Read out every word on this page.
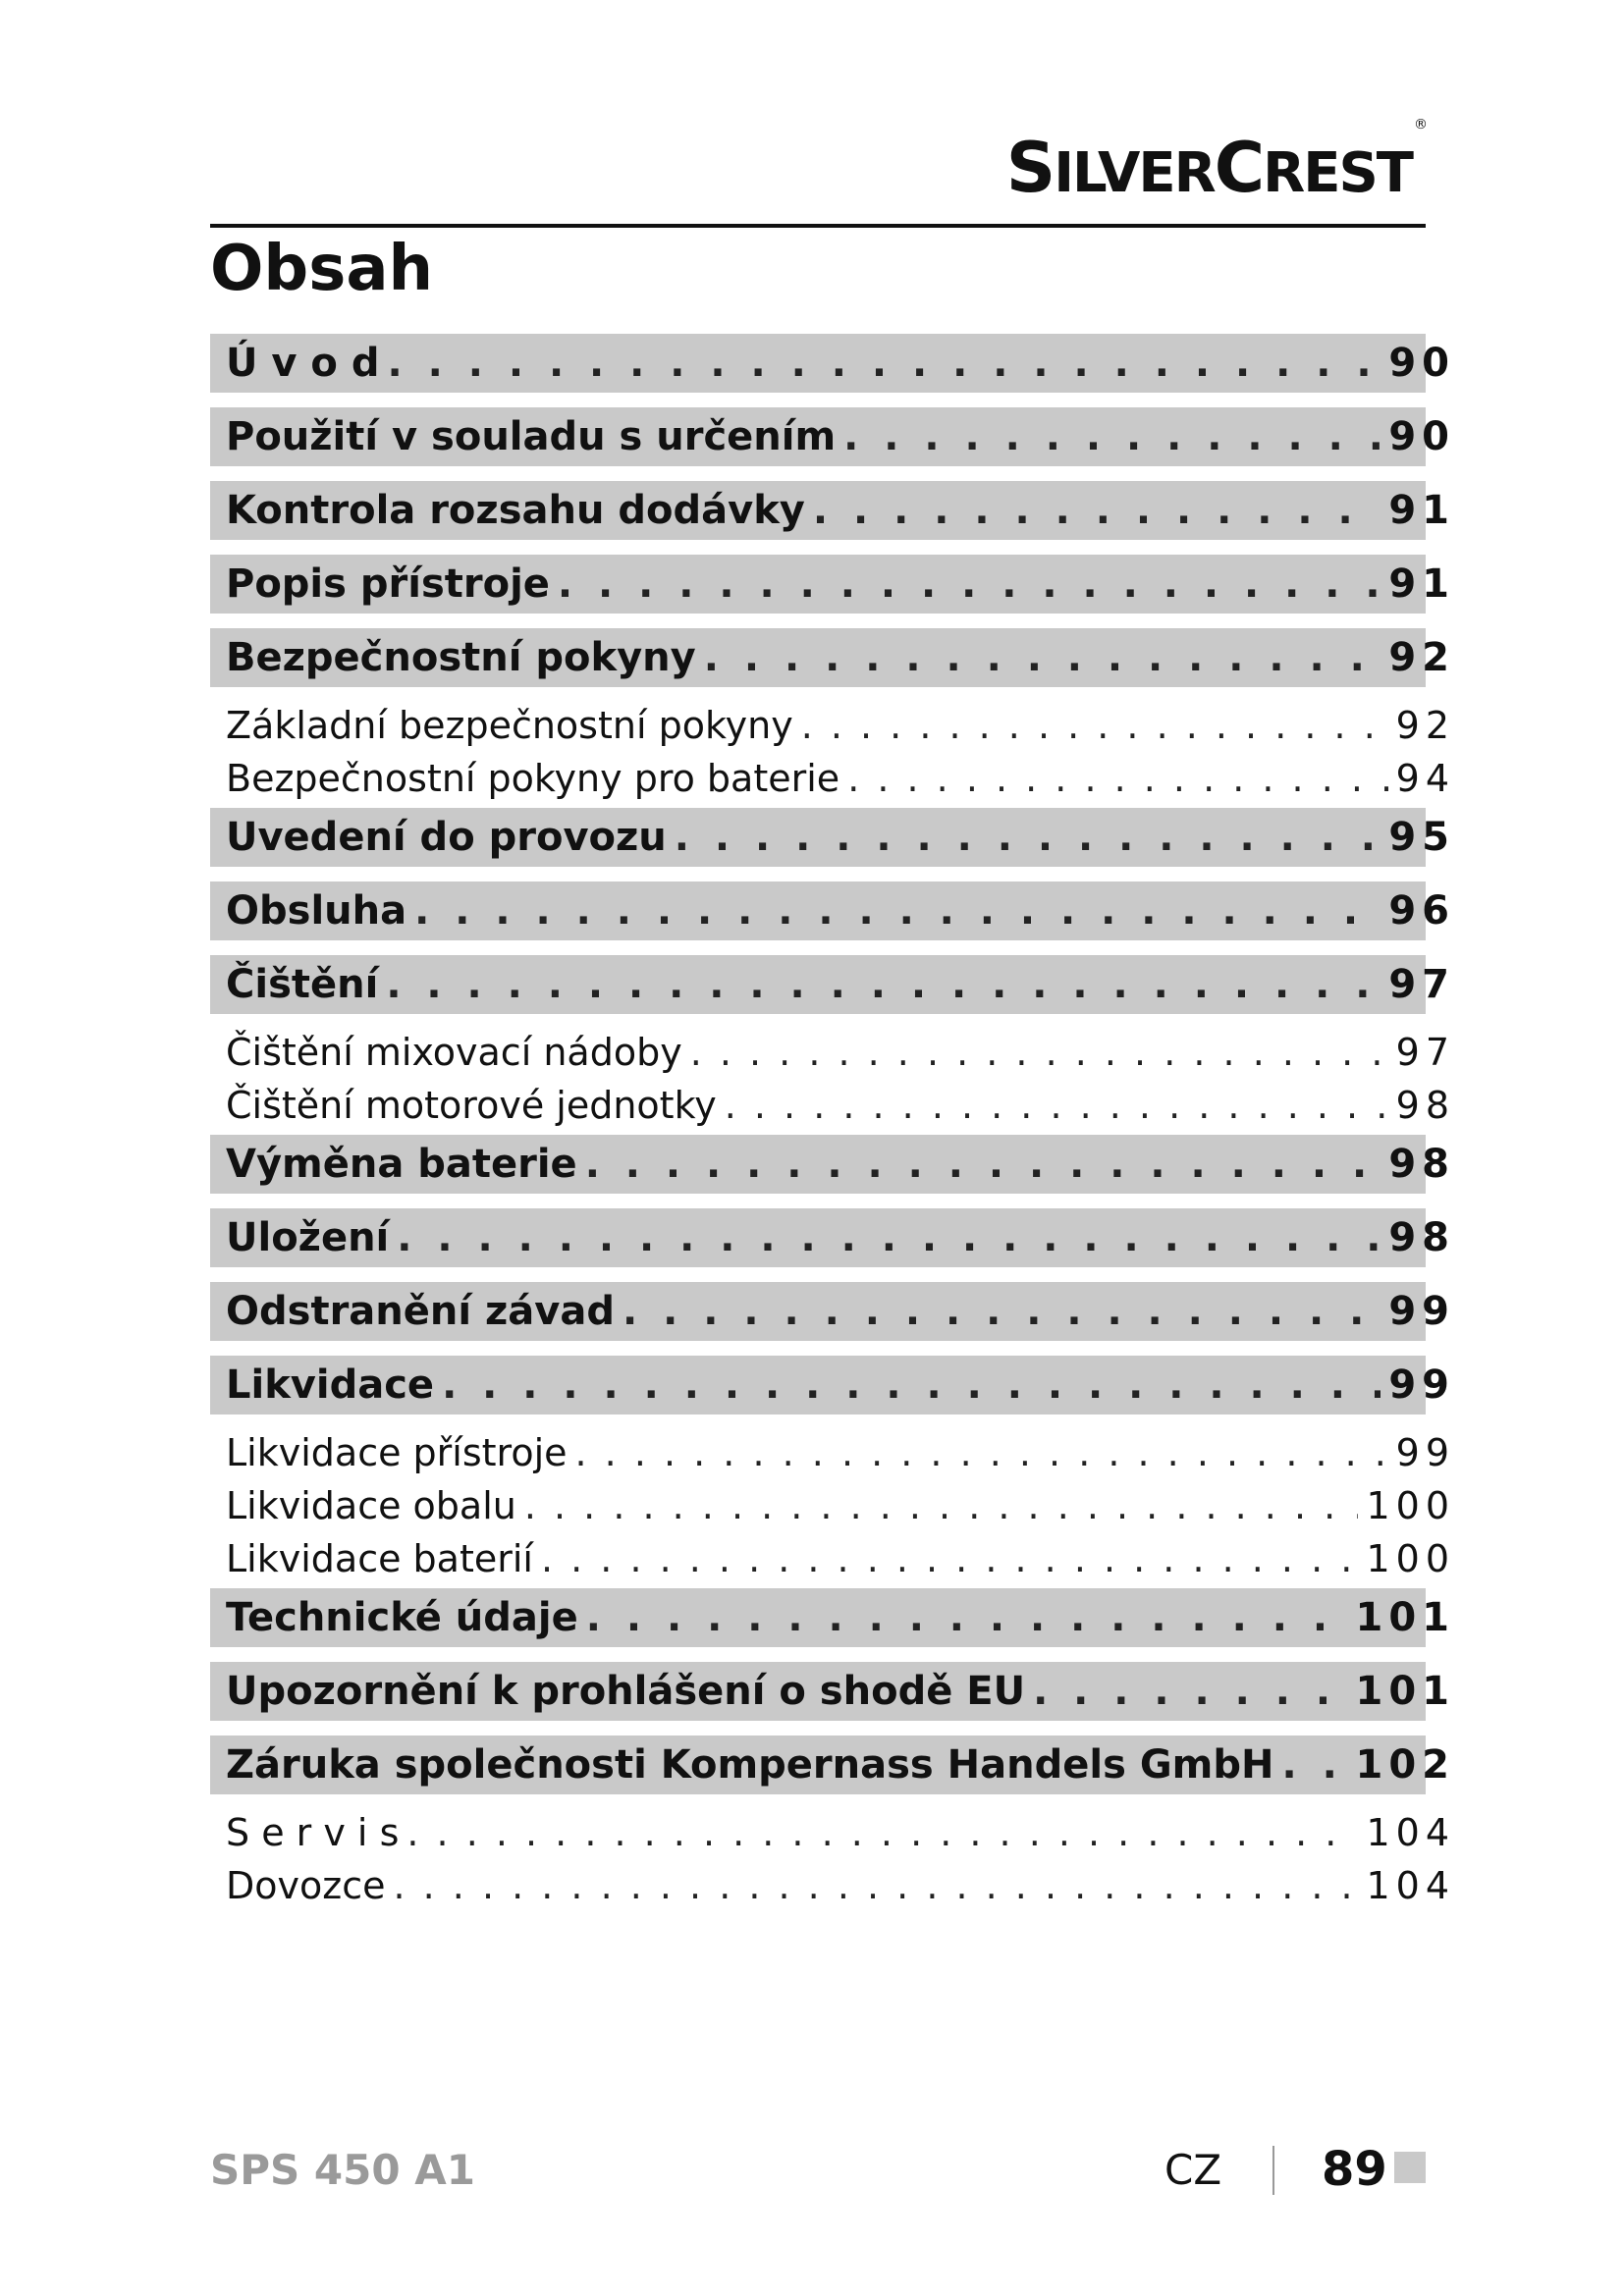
SILVERCREST®
Obsah
Ú v o d . . .	90
Použití v souladu s určením . . .	90
Kontrola rozsahu dodávky . . .	91
Popis přístroje . . .	91
Bezpečnostní pokyny . . .	92
Základní bezpečnostní pokyny . . .	92
Bezpečnostní pokyny pro baterie . . .	94
Uvedení do provozu . . .	95
Obsluha . . .	96
Čištění . . .	97
Čištění mixovací nádoby . . .	97
Čištění motorové jednotky . . .	98
Výměna baterie . . .	98
Uložení . . .	98
Odstranění závad . . .	99
Likvidace . . .	99
Likvidace přístroje . . .	99
Likvidace obalu . . .	100
Likvidace baterií . . .	100
Technické údaje . . .	101
Upozornění k prohlášení o shodě EU . . .	101
Záruka společnosti Kompernass Handels GmbH . . . 102
S e r v i s . . .	104
Dovozce . . .	104
SPS 450 A1	CZ 89
